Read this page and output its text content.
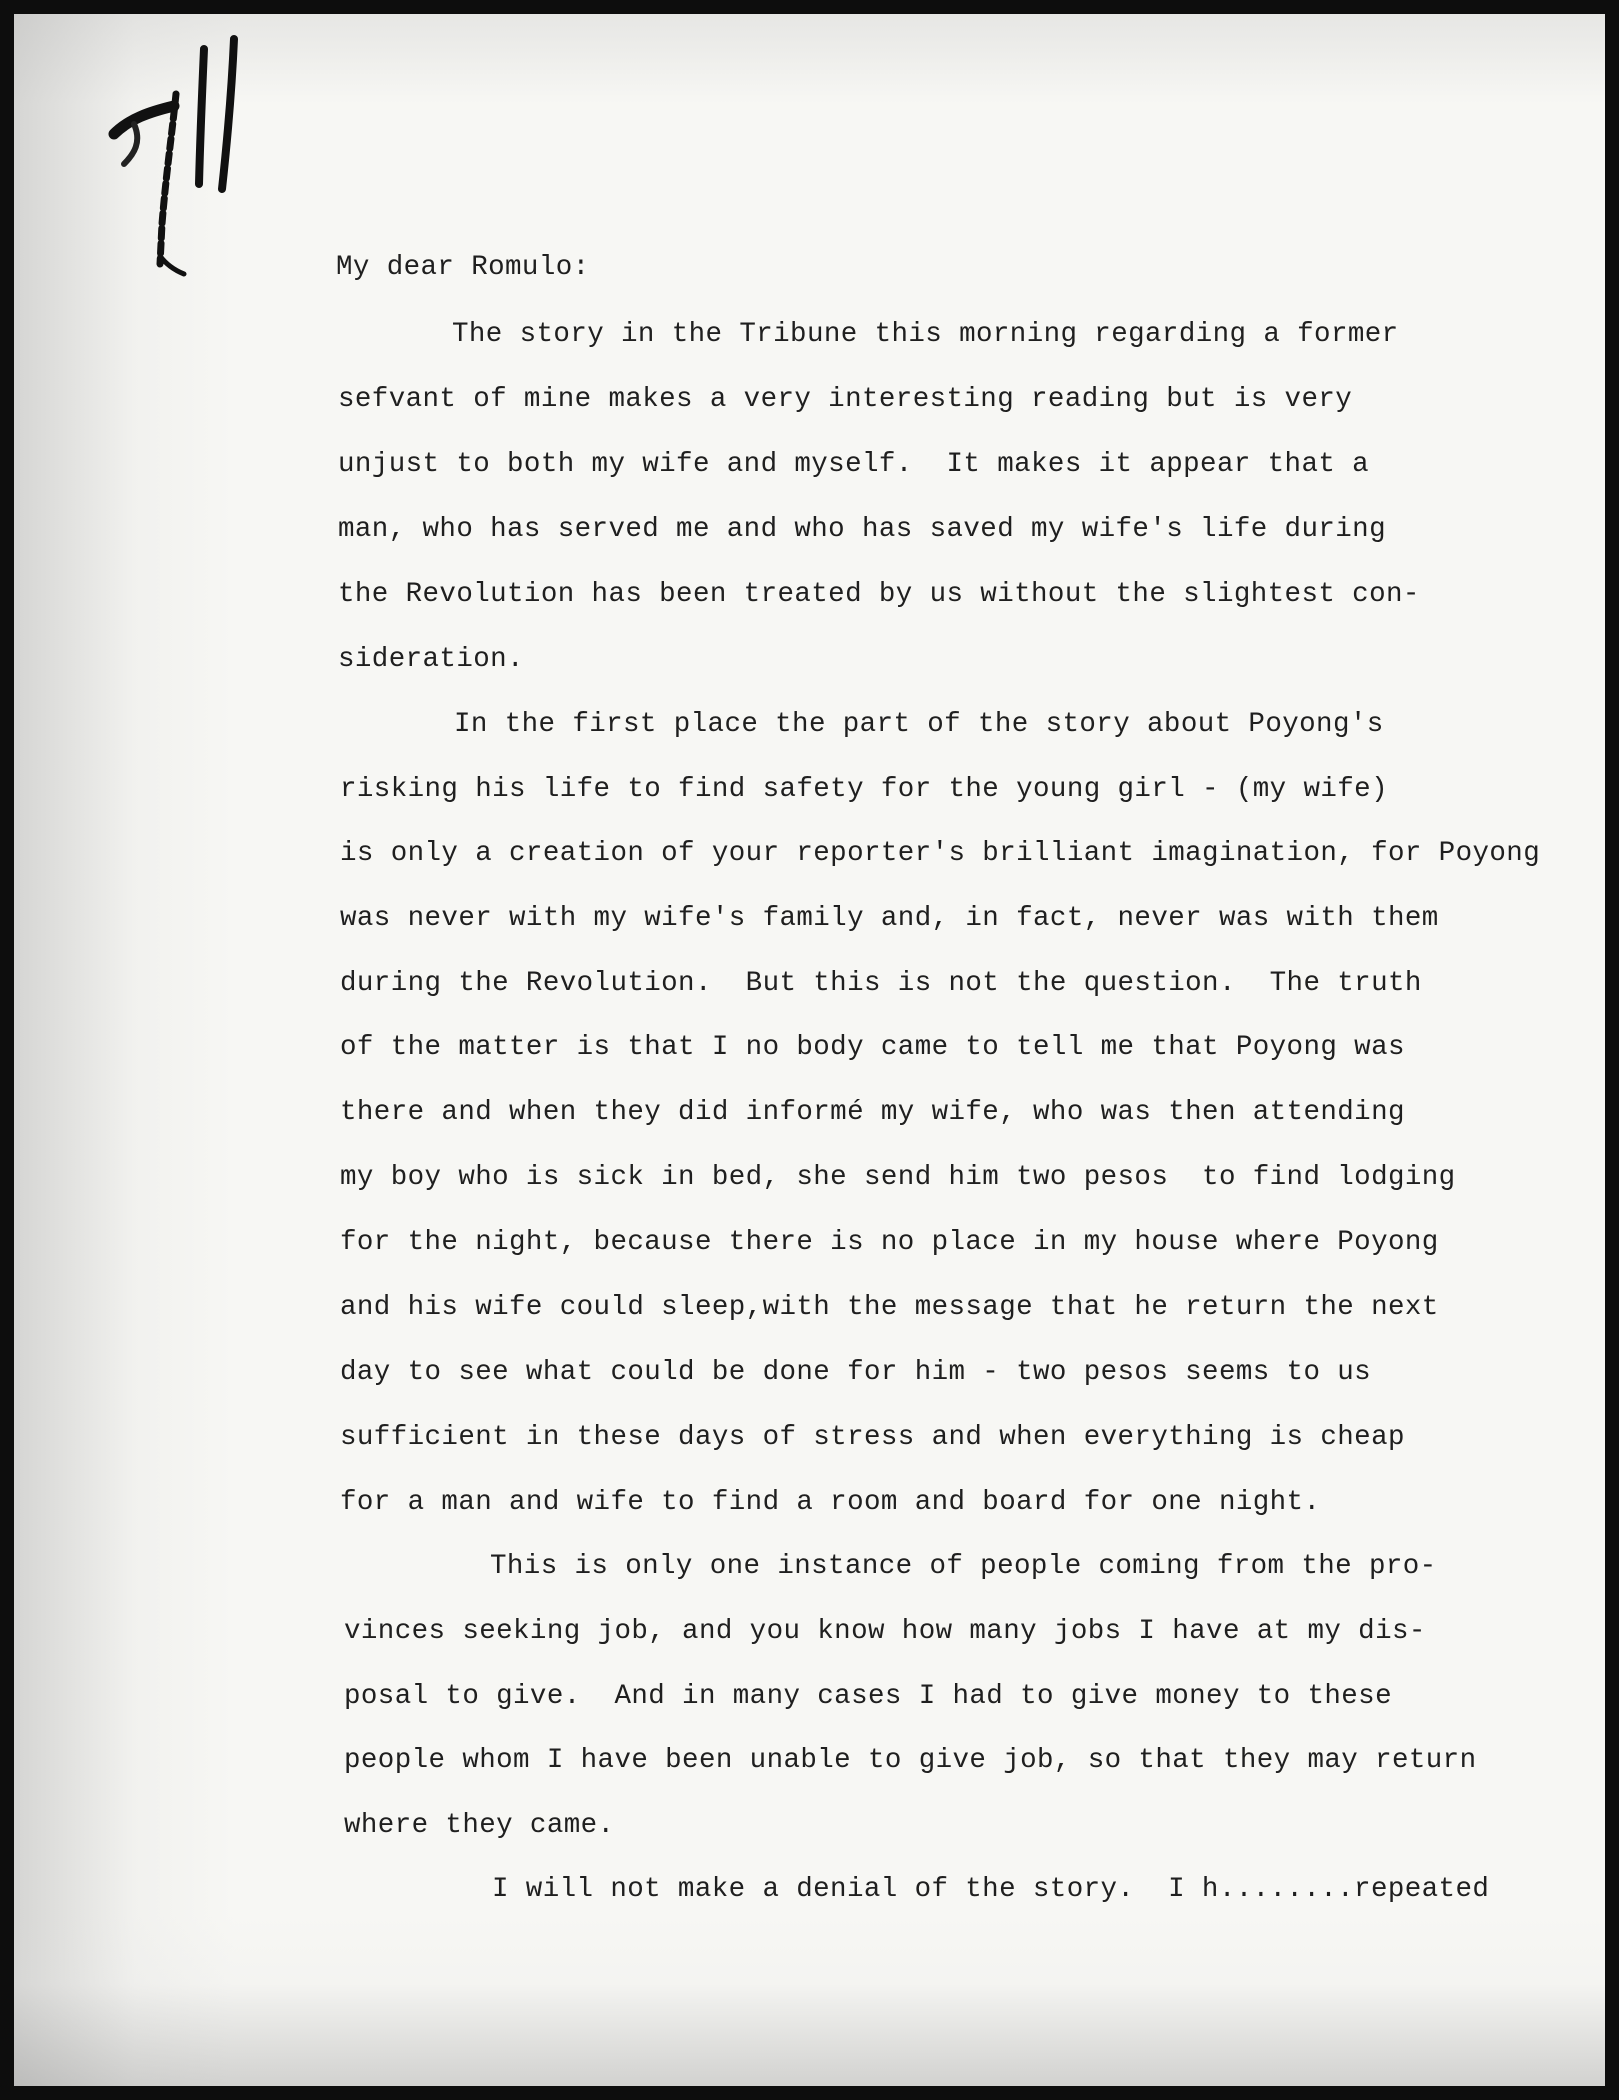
My dear Romulo:
The story in the Tribune this morning regarding a former
sefvant of mine makes a very interesting reading but is very
unjust to both my wife and myself.  It makes it appear that a
man, who has served me and who has saved my wife's life during
the Revolution has been treated by us without the slightest con-
sideration.
In the first place the part of the story about Poyong's
risking his life to find safety for the young girl - (my wife)
is only a creation of your reporter's brilliant imagination, for Poyong
was never with my wife's family and, in fact, never was with them
during the Revolution.  But this is not the question.  The truth
of the matter is that I no body came to tell me that Poyong was
there and when they did informé my wife, who was then attending
my boy who is sick in bed, she send him two pesos  to find lodging
for the night, because there is no place in my house where Poyong
and his wife could sleep,with the message that he return the next
day to see what could be done for him - two pesos seems to us
sufficient in these days of stress and when everything is cheap
for a man and wife to find a room and board for one night.
This is only one instance of people coming from the pro-
vinces seeking job, and you know how many jobs I have at my dis-
posal to give.  And in many cases I had to give money to these
people whom I have been unable to give job, so that they may return
where they came.
I will not make a denial of the story.  I h........repeated
